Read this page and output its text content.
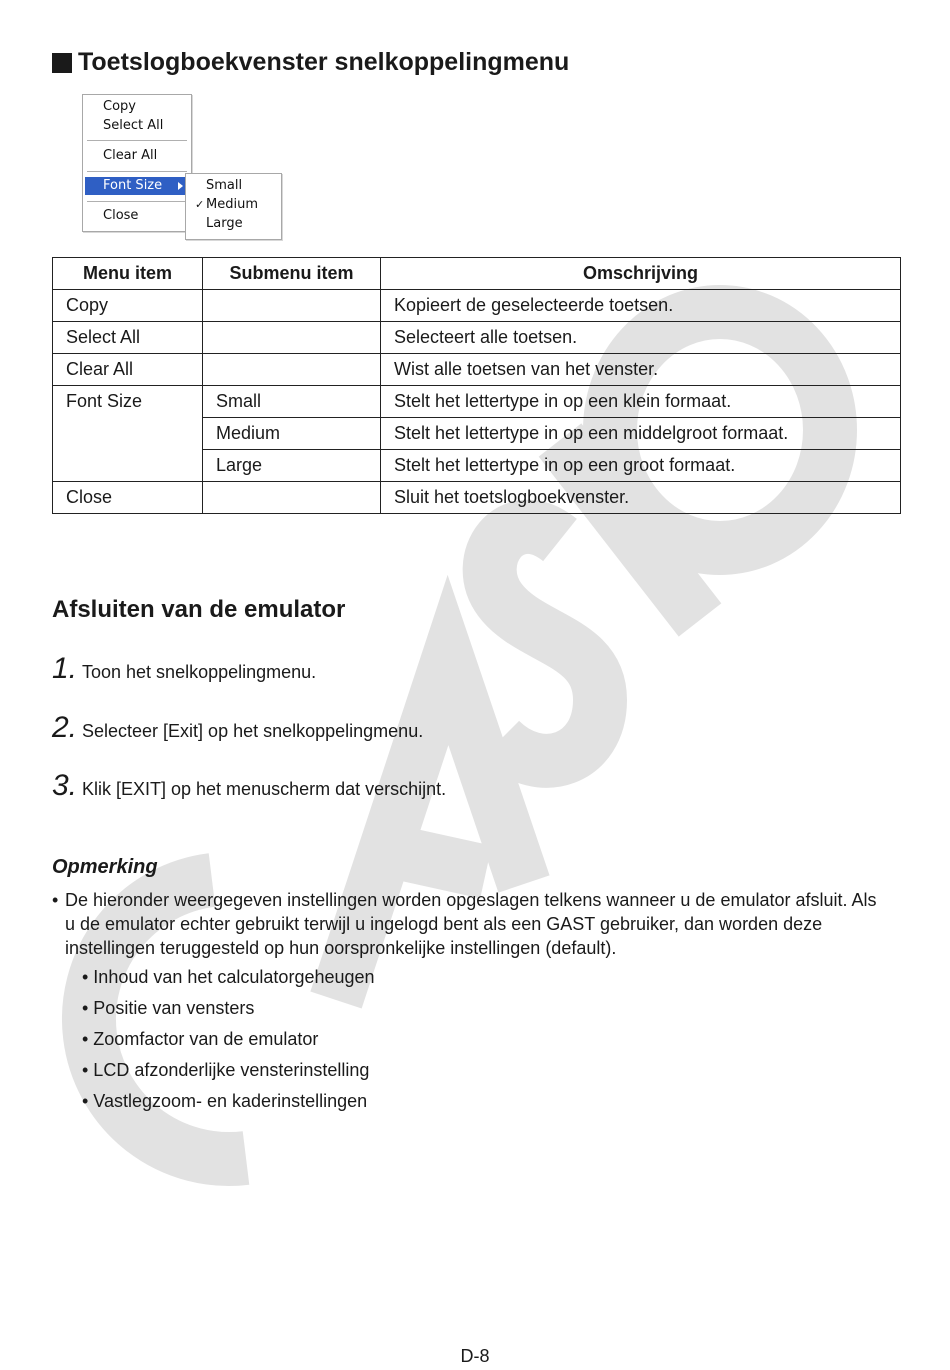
Toetslogboekvenster snelkoppelingmenu
Copy
Select All
Clear All
Font Size
Close
Small
✓ Medium
Large
Menu item	Submenu item	Omschrijving
Copy		Kopieert de geselecteerde toetsen.
Select All		Selecteert alle toetsen.
Clear All		Wist alle toetsen van het venster.
Font Size	Small	Stelt het lettertype in op een klein formaat.
	Medium	Stelt het lettertype in op een middelgroot formaat.
	Large	Stelt het lettertype in op een groot formaat.
Close		Sluit het toetslogboekvenster.
Afsluiten van de emulator
1. Toon het snelkoppelingmenu.
2. Selecteer [Exit] op het snelkoppelingmenu.
3. Klik [EXIT] op het menuscherm dat verschijnt.
Opmerking
• De hieronder weergegeven instellingen worden opgeslagen telkens wanneer u de emulator afsluit. Als u de emulator echter gebruikt terwijl u ingelogd bent als een GAST gebruiker, dan worden deze instellingen teruggesteld op hun oorspronkelijke instellingen (default).
• Inhoud van het calculatorgeheugen
• Positie van vensters
• Zoomfactor van de emulator
• LCD afzonderlijke vensterinstelling
• Vastlegzoom- en kaderinstellingen
D-8
